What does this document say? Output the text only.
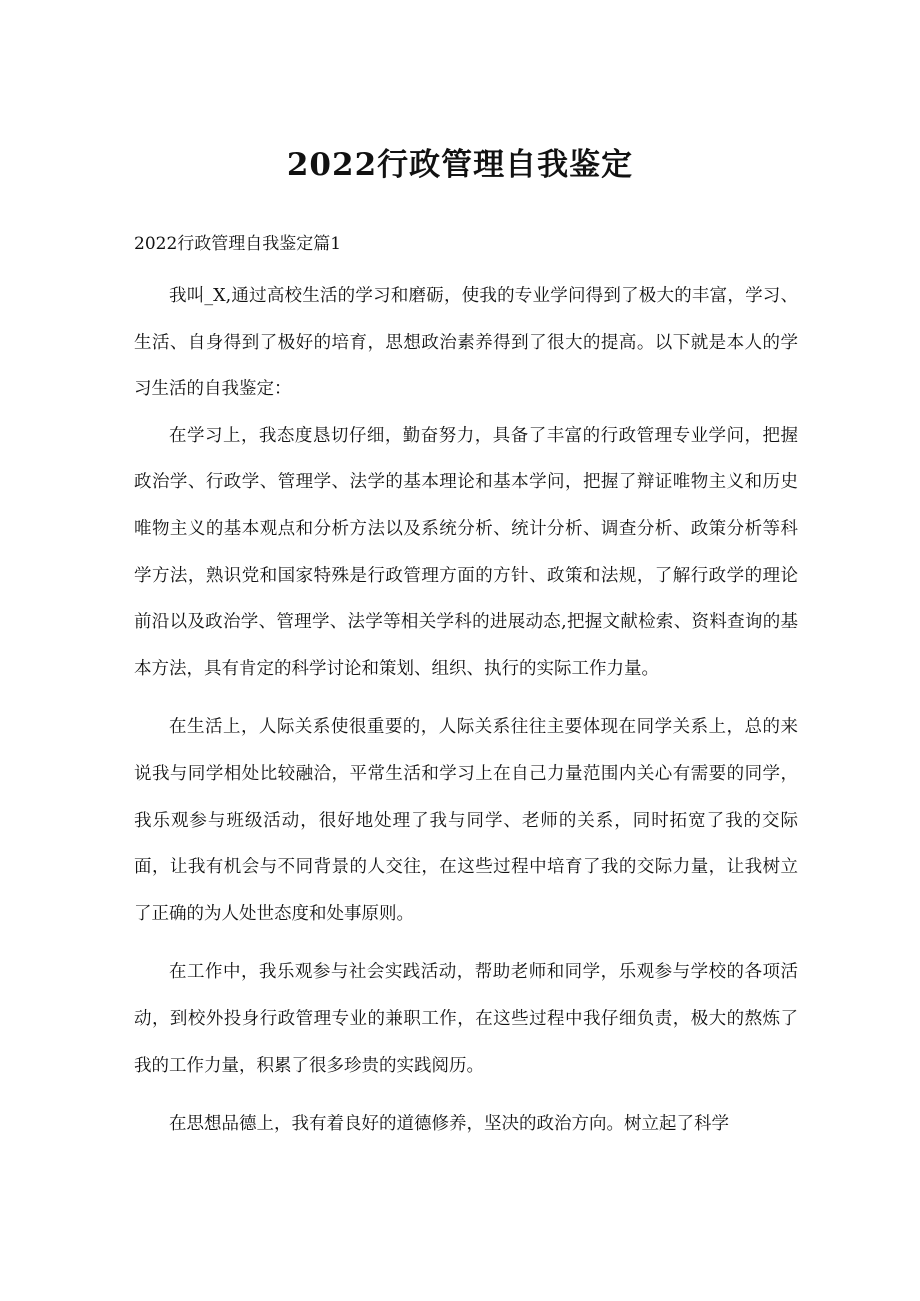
2022行政管理自我鉴定
2022行政管理自我鉴定篇1

我叫_X,通过高校生活的学习和磨砺，使我的专业学问得到了极大的丰富，学习、生活、自身得到了极好的培育，思想政治素养得到了很大的提高。以下就是本人的学习生活的自我鉴定：

在学习上，我态度恳切仔细，勤奋努力，具备了丰富的行政管理专业学问，把握政治学、行政学、管理学、法学的基本理论和基本学问，把握了辩证唯物主义和历史唯物主义的基本观点和分析方法以及系统分析、统计分析、调查分析、政策分析等科学方法，熟识党和国家特殊是行政管理方面的方针、政策和法规，了解行政学的理论前沿以及政治学、管理学、法学等相关学科的进展动态,把握文献检索、资料查询的基本方法，具有肯定的科学讨论和策划、组织、执行的实际工作力量。

在生活上，人际关系使很重要的，人际关系往往主要体现在同学关系上，总的来说我与同学相处比较融洽，平常生活和学习上在自己力量范围内关心有需要的同学，我乐观参与班级活动，很好地处理了我与同学、老师的关系，同时拓宽了我的交际面，让我有机会与不同背景的人交往，在这些过程中培育了我的交际力量，让我树立了正确的为人处世态度和处事原则。

在工作中，我乐观参与社会实践活动，帮助老师和同学，乐观参与学校的各项活动，到校外投身行政管理专业的兼职工作，在这些过程中我仔细负责，极大的熬炼了我的工作力量，积累了很多珍贵的实践阅历。

在思想品德上，我有着良好的道德修养，坚决的政治方向。树立起了科学
